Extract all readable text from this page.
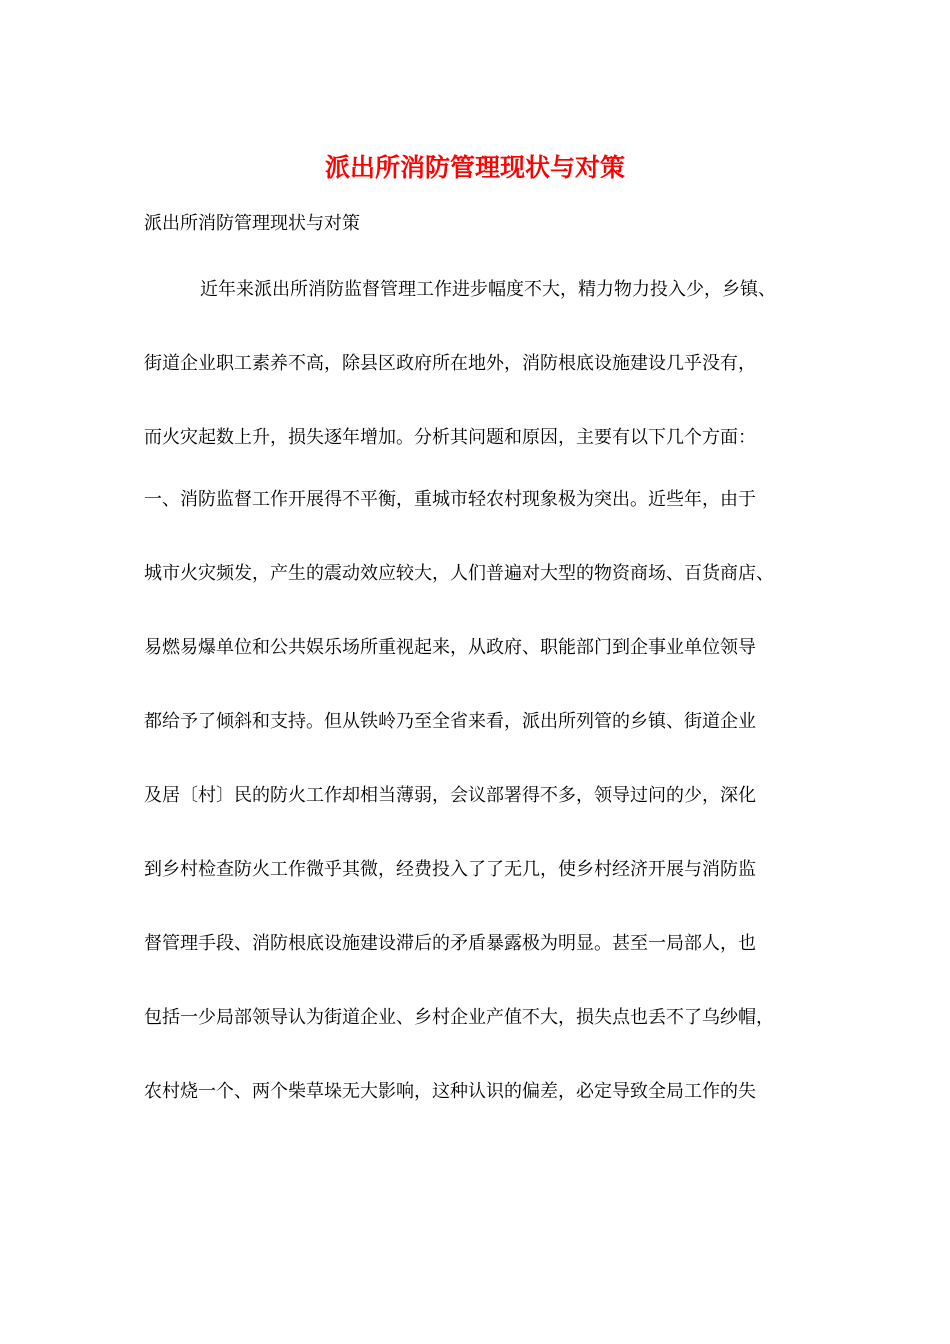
派出所消防管理现状与对策
派出所消防管理现状与对策
近年来派出所消防监督管理工作进步幅度不大，精力物力投入少，乡镇、
街道企业职工素养不高，除县区政府所在地外，消防根底设施建设几乎没有，
而火灾起数上升，损失逐年增加。分析其问题和原因，主要有以下几个方面：
一、消防监督工作开展得不平衡，重城市轻农村现象极为突出。近些年，由于
城市火灾频发，产生的震动效应较大，人们普遍对大型的物资商场、百货商店、
易燃易爆单位和公共娱乐场所重视起来，从政府、职能部门到企事业单位领导
都给予了倾斜和支持。但从铁岭乃至全省来看，派出所列管的乡镇、街道企业
及居〔村〕民的防火工作却相当薄弱，会议部署得不多，领导过问的少，深化
到乡村检查防火工作微乎其微，经费投入了了无几，使乡村经济开展与消防监
督管理手段、消防根底设施建设滞后的矛盾暴露极为明显。甚至一局部人，也
包括一少局部领导认为街道企业、乡村企业产值不大，损失点也丢不了乌纱帽，
农村烧一个、两个柴草垛无大影响，这种认识的偏差，必定导致全局工作的失
